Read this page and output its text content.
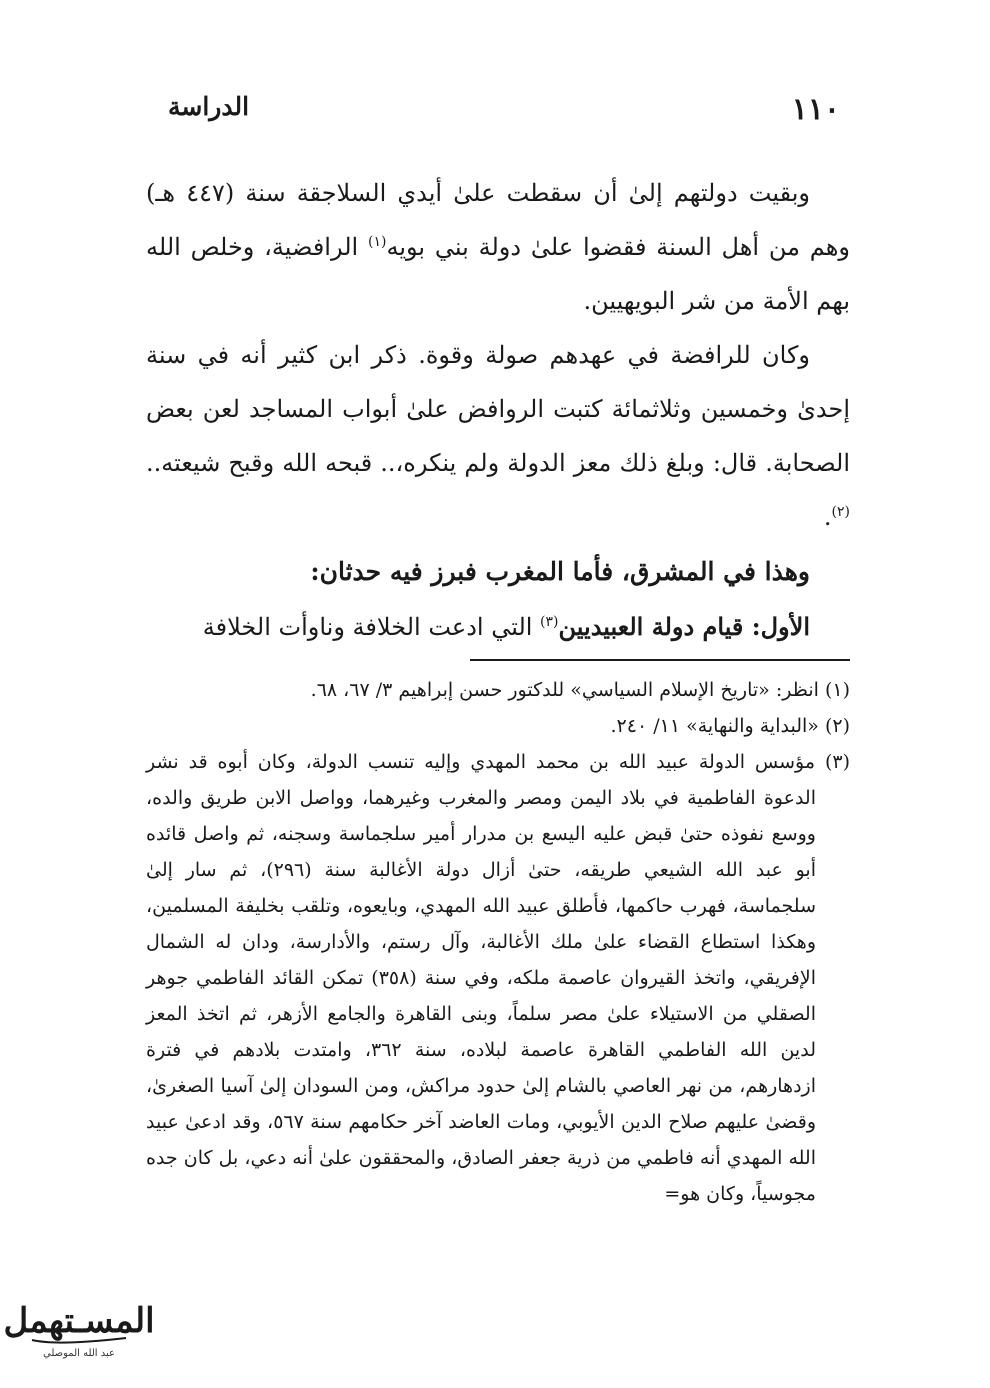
١١٠
الدراسة

وبقيت دولتهم إلىٰ أن سقطت علىٰ أيدي السلاجقة سنة (٤٤٧ هـ) وهم من أهل السنة فقضوا علىٰ دولة بني بويه$^{(١)}$ الرافضية، وخلص الله بهم الأمة من شر البويهيين.

وكان للرافضة في عهدهم صولة وقوة. ذكر ابن كثير أنه في سنة إحدىٰ وخمسين وثلاثمائة كتبت الروافض علىٰ أبواب المساجد لعن بعض الصحابة. قال: وبلغ ذلك معز الدولة ولم ينكره،.. قبحه الله وقبح شيعته..$^{(٢)}$.

وهذا في المشرق، فأما المغرب فبرز فيه حدثان:

الأول: قيام دولة العبيديين$^{(٣)}$ التي ادعت الخلافة وناوأت الخلافة

(١) انظر: «تاريخ الإسلام السياسي» للدكتور حسن إبراهيم ٣/ ٦٧، ٦٨.

(٢) «البداية والنهاية» ١١/ ٢٤٠.

(٣) مؤسس الدولة عبيد الله بن محمد المهدي وإليه تنسب الدولة، وكان أبوه قد نشر الدعوة الفاطمية في بلاد اليمن ومصر والمغرب وغيرهما، وواصل الابن طريق والده، ووسع نفوذه حتىٰ قبض عليه اليسع بن مدرار أمير سلجماسة وسجنه، ثم واصل قائده أبو عبد الله الشيعي طريقه، حتىٰ أزال دولة الأغالبة سنة (٢٩٦)، ثم سار إلىٰ سلجماسة، فهرب حاكمها، فأطلق عبيد الله المهدي، وبايعوه، وتلقب بخليفة المسلمين، وهكذا استطاع القضاء علىٰ ملك الأغالبة، وآل رستم، والأدارسة، ودان له الشمال الإفريقي، واتخذ القيروان عاصمة ملكه، وفي سنة (٣٥٨) تمكن القائد الفاطمي جوهر الصقلي من الاستيلاء علىٰ مصر سلماً، وبنى القاهرة والجامع الأزهر، ثم اتخذ المعز لدين الله الفاطمي القاهرة عاصمة لبلاده، سنة ٣٦٢، وامتدت بلادهم في فترة ازدهارهم، من نهر العاصي بالشام إلىٰ حدود مراكش، ومن السودان إلىٰ آسيا الصغرىٰ، وقضىٰ عليهم صلاح الدين الأيوبي، ومات العاضد آخر حكامهم سنة ٥٦٧، وقد ادعىٰ عبيد الله المهدي أنه فاطمي من ذرية جعفر الصادق، والمحققون علىٰ أنه دعي، بل كان جده مجوسياً، وكان هو=

المسـتهمل
عبد الله الموصلي
